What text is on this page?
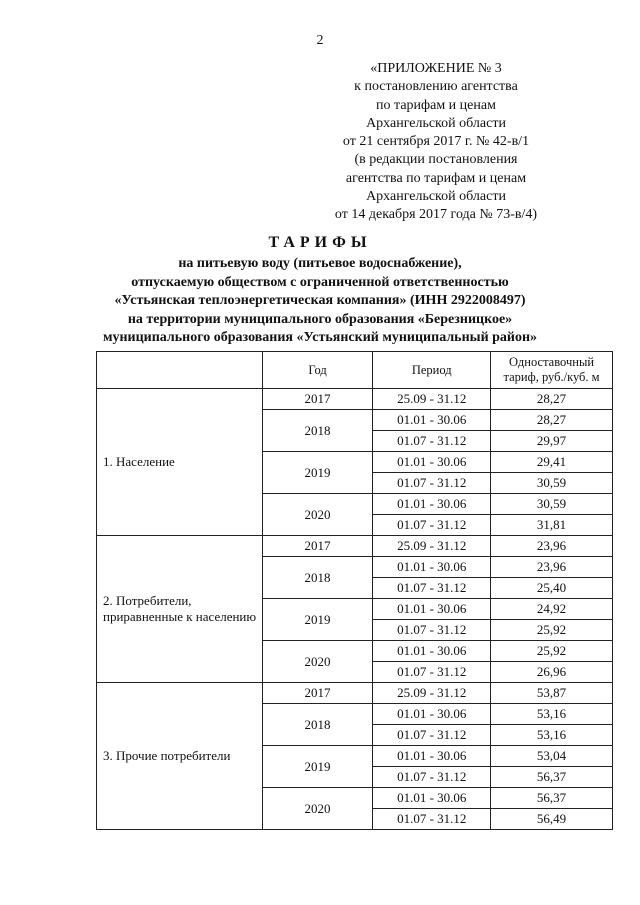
2
«ПРИЛОЖЕНИЕ № 3
к постановлению агентства
по тарифам и ценам
Архангельской области
от 21 сентября 2017 г. № 42-в/1
(в редакции постановления
агентства по тарифам и ценам
Архангельской области
от 14 декабря 2017 года № 73-в/4)
ТАРИФЫ
на питьевую воду (питьевое водоснабжение),
отпускаемую обществом с ограниченной ответственностью
«Устьянская теплоэнергетическая компания» (ИНН 2922008497)
на территории муниципального образования «Березницкое»
муниципального образования «Устьянский муниципальный район»
	Год	Период	Одноставочный тариф, руб./куб. м
1. Население	2017	25.09 - 31.12	28,27
	2018	01.01 - 30.06	28,27
		01.07 - 31.12	29,97
	2019	01.01 - 30.06	29,41
		01.07 - 31.12	30,59
	2020	01.01 - 30.06	30,59
		01.07 - 31.12	31,81
2. Потребители, приравненные к населению	2017	25.09 - 31.12	23,96
	2018	01.01 - 30.06	23,96
		01.07 - 31.12	25,40
	2019	01.01 - 30.06	24,92
		01.07 - 31.12	25,92
	2020	01.01 - 30.06	25,92
		01.07 - 31.12	26,96
3. Прочие потребители	2017	25.09 - 31.12	53,87
	2018	01.01 - 30.06	53,16
		01.07 - 31.12	53,16
	2019	01.01 - 30.06	53,04
		01.07 - 31.12	56,37
	2020	01.01 - 30.06	56,37
		01.07 - 31.12	56,49
